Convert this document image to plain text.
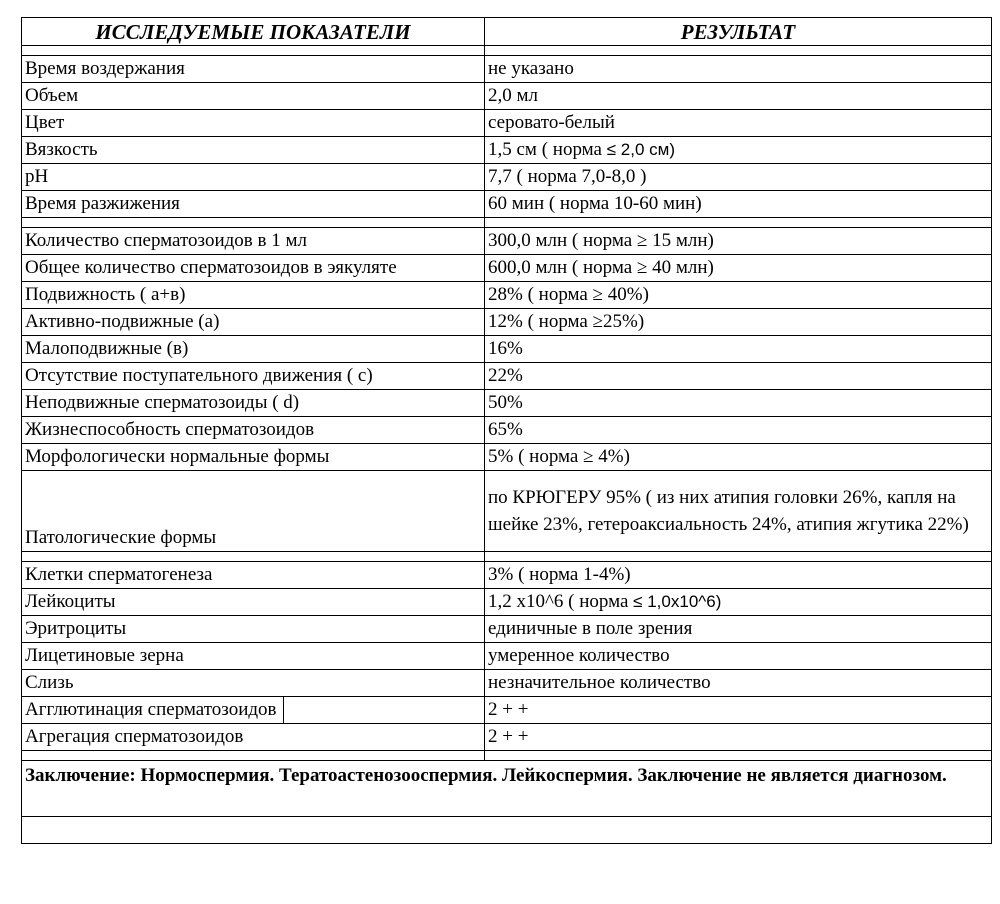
ИССЛЕДУЕМЫЕ ПОКАЗАТЕЛИ	РЕЗУЛЬТАТ

Время воздержания	не указано
Объем	2,0 мл
Цвет	серовато-белый
Вязкость	1,5 см ( норма ≤ 2,0 см)
pH	7,7 ( норма 7,0-8,0 )
Время разжижения	60 мин ( норма 10-60 мин)

Количество сперматозоидов в 1 мл	300,0 млн ( норма ≥ 15 млн)
Общее количество сперматозоидов в эякуляте	600,0 млн ( норма ≥ 40 млн)
Подвижность ( а+в)	28% ( норма ≥ 40%)
Активно-подвижные (а)	12% ( норма ≥25%)
Малоподвижные (в)	16%
Отсутствие поступательного движения ( с)	22%
Неподвижные сперматозоиды ( d)	50%
Жизнеспособность сперматозоидов	65%
Морфологически нормальные формы	5% ( норма ≥ 4%)
Патологические формы	по КРЮГЕРУ 95% ( из них атипия головки 26%, капля на шейке 23%, гетероаксиальность 24%, атипия жгутика 22%)

Клетки сперматогенеза	3% ( норма 1-4%)
Лейкоциты	1,2 х10^6 ( норма ≤ 1,0x10^6)
Эритроциты	единичные в поле зрения
Лицетиновые зерна	умеренное количество
Слизь	незначительное количество
Агглютинация сперматозоидов	2 + +
Агрегация сперматозоидов	2 + +

Заключение: Нормоспермия. Тератоастенозооспермия. Лейкоспермия. Заключение не является диагнозом.	
